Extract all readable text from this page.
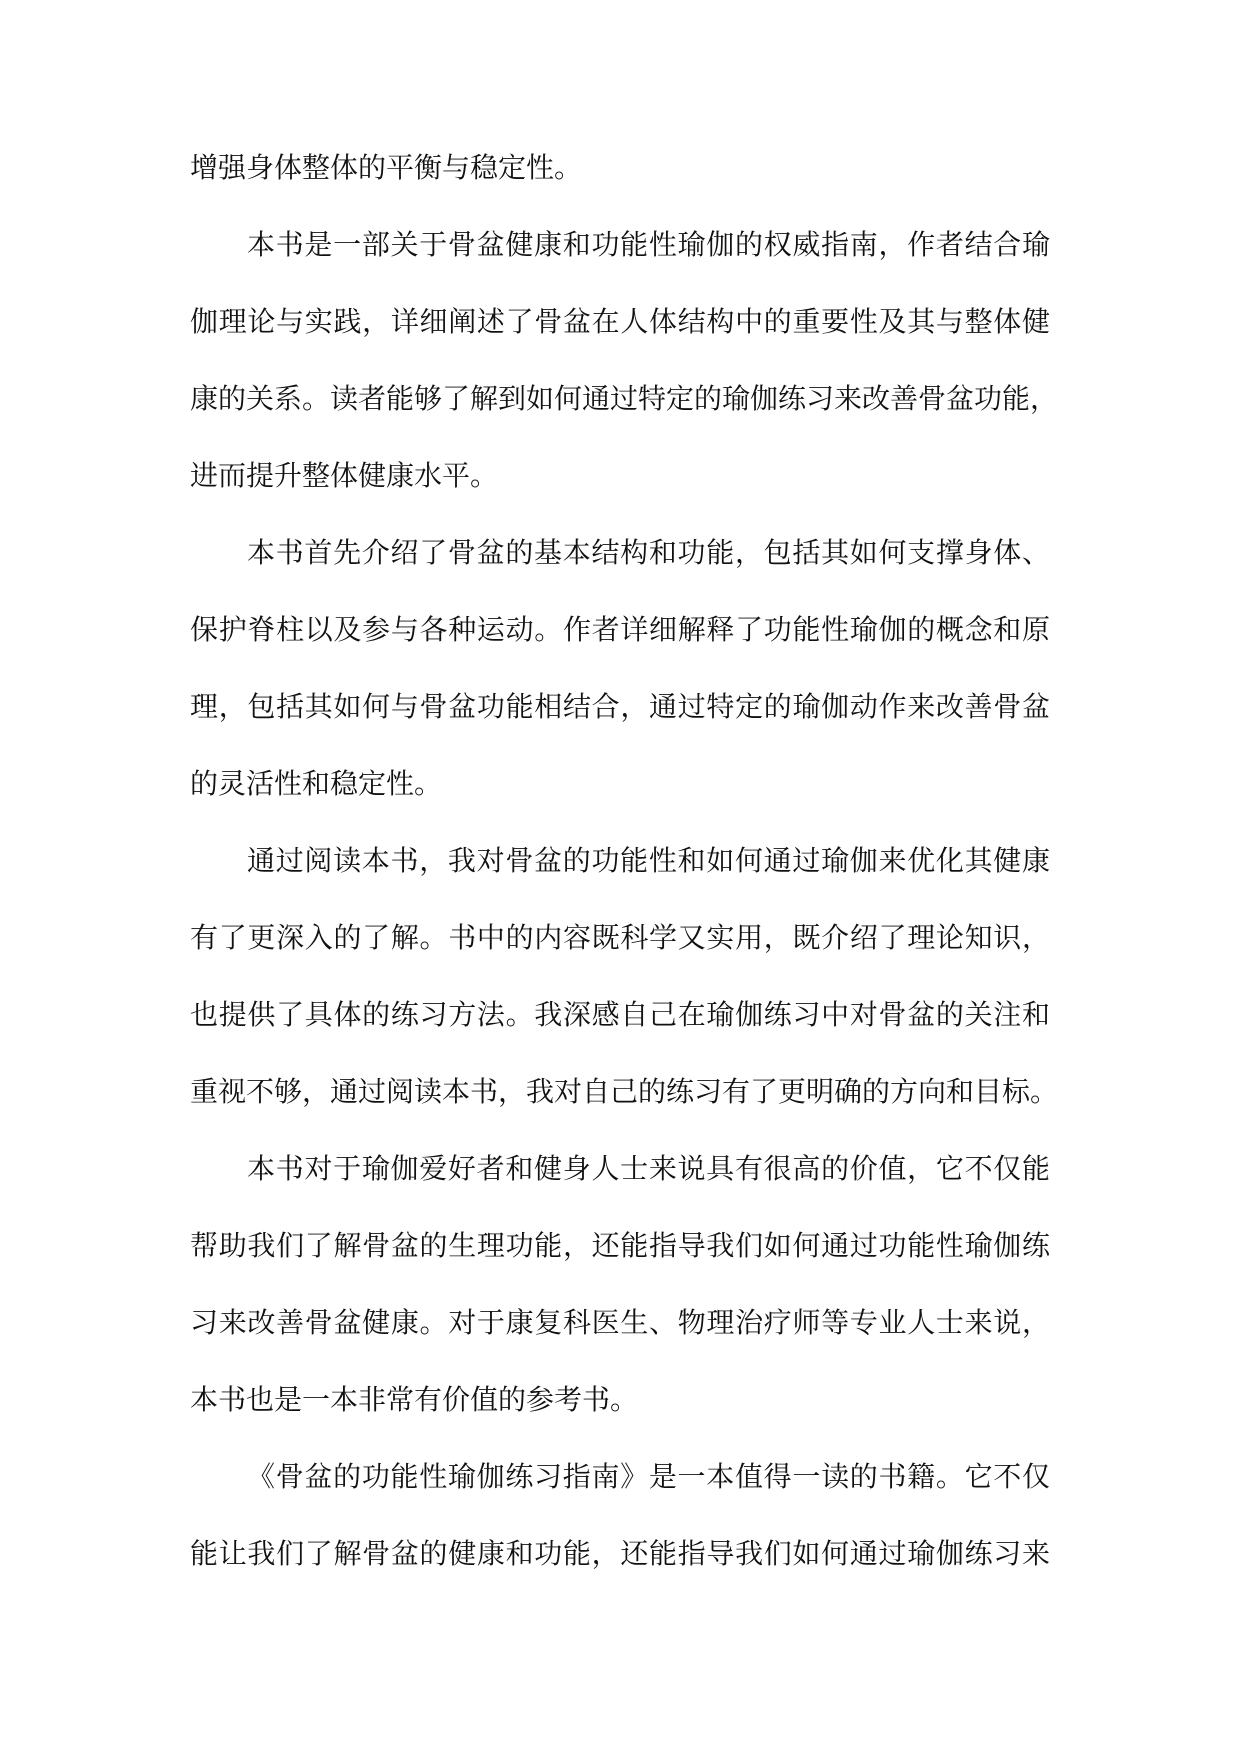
增强身体整体的平衡与稳定性。
本书是一部关于骨盆健康和功能性瑜伽的权威指南，作者结合瑜
伽理论与实践，详细阐述了骨盆在人体结构中的重要性及其与整体健
康的关系。读者能够了解到如何通过特定的瑜伽练习来改善骨盆功能，
进而提升整体健康水平。
本书首先介绍了骨盆的基本结构和功能，包括其如何支撑身体、
保护脊柱以及参与各种运动。作者详细解释了功能性瑜伽的概念和原
理，包括其如何与骨盆功能相结合，通过特定的瑜伽动作来改善骨盆
的灵活性和稳定性。
通过阅读本书，我对骨盆的功能性和如何通过瑜伽来优化其健康
有了更深入的了解。书中的内容既科学又实用，既介绍了理论知识，
也提供了具体的练习方法。我深感自己在瑜伽练习中对骨盆的关注和
重视不够，通过阅读本书，我对自己的练习有了更明确的方向和目标。
本书对于瑜伽爱好者和健身人士来说具有很高的价值，它不仅能
帮助我们了解骨盆的生理功能，还能指导我们如何通过功能性瑜伽练
习来改善骨盆健康。对于康复科医生、物理治疗师等专业人士来说，
本书也是一本非常有价值的参考书。
《骨盆的功能性瑜伽练习指南》是一本值得一读的书籍。它不仅
能让我们了解骨盆的健康和功能，还能指导我们如何通过瑜伽练习来
